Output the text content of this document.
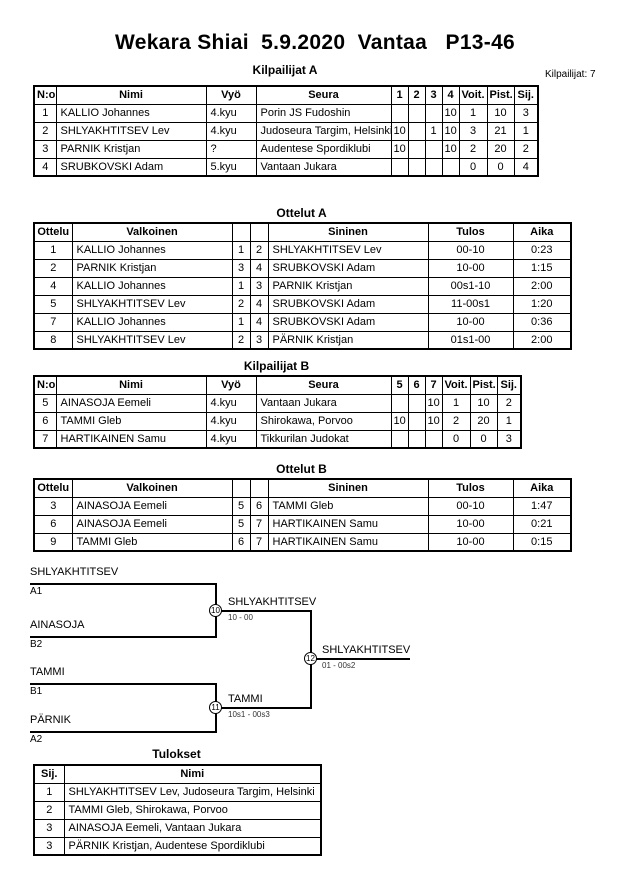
Wekara Shiai  5.9.2020  Vantaa   P13-46
Kilpailijat: 7
Kilpailijat A
N:o	Nimi	Vyö	Seura	1	2	3	4	Voit.	Pist.	Sij.
1	KALLIO Johannes	4.kyu	Porin JS Fudoshin				10	1	10	3
2	SHLYAKHTITSEV Lev	4.kyu	Judoseura Targim, Helsinki	10		1	10	3	21	1
3	PARNIK Kristjan	?	Audentese Spordiklubi	10			10	2	20	2
4	SRUBKOVSKI Adam	5.kyu	Vantaan Jukara					0	0	4
Ottelut A
Ottelu	Valkoinen			Sininen	Tulos	Aika
1	KALLIO Johannes	1	2	SHLYAKHTITSEV Lev	00-10	0:23
2	PARNIK Kristjan	3	4	SRUBKOVSKI Adam	10-00	1:15
4	KALLIO Johannes	1	3	PARNIK Kristjan	00s1-10	2:00
5	SHLYAKHTITSEV Lev	2	4	SRUBKOVSKI Adam	11-00s1	1:20
7	KALLIO Johannes	1	4	SRUBKOVSKI Adam	10-00	0:36
8	SHLYAKHTITSEV Lev	2	3	PÄRNIK Kristjan	01s1-00	2:00
Kilpailijat B
N:o	Nimi	Vyö	Seura	5	6	7	Voit.	Pist.	Sij.
5	AINASOJA Eemeli	4.kyu	Vantaan Jukara			10	1	10	2
6	TAMMI Gleb	4.kyu	Shirokawa, Porvoo	10		10	2	20	1
7	HARTIKAINEN Samu	4.kyu	Tikkurilan Judokat				0	0	3
Ottelut B
Ottelu	Valkoinen			Sininen	Tulos	Aika
3	AINASOJA Eemeli	5	6	TAMMI Gleb	00-10	1:47
6	AINASOJA Eemeli	5	7	HARTIKAINEN Samu	10-00	0:21
9	TAMMI Gleb	6	7	HARTIKAINEN Samu	10-00	0:15
SHLYAKHTITSEV
A1
AINASOJA
B2
SHLYAKHTITSEV
10 - 00
10
TAMMI
B1
PÄRNIK
A2
TAMMI
10s1 - 00s3
11
SHLYAKHTITSEV
01 - 00s2
12
Tulokset
Sij.	Nimi
1	SHLYAKHTITSEV Lev, Judoseura Targim, Helsinki
2	TAMMI Gleb, Shirokawa, Porvoo
3	AINASOJA Eemeli, Vantaan Jukara
3	PÄRNIK Kristjan, Audentese Spordiklubi
